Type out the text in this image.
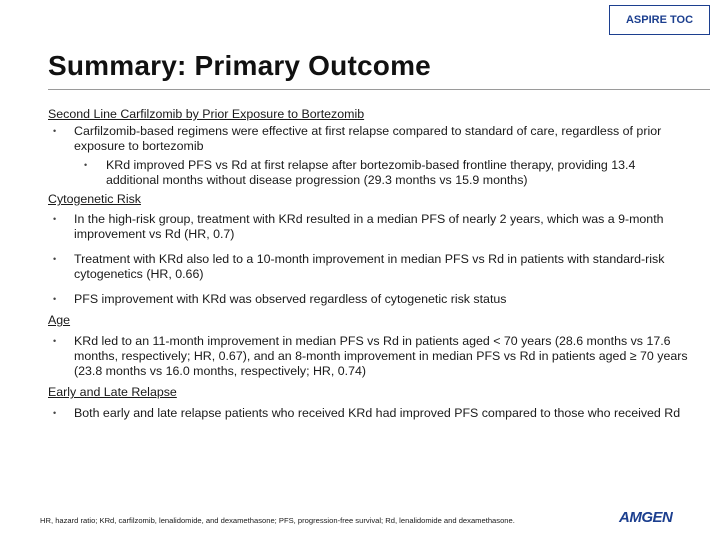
ASPIRE TOC
Summary: Primary Outcome
Second Line Carfilzomib by Prior Exposure to Bortezomib
• Carfilzomib-based regimens were effective at first relapse compared to standard of care, regardless of prior exposure to bortezomib
• KRd improved PFS vs Rd at first relapse after bortezomib-based frontline therapy, providing 13.4 additional months without disease progression (29.3 months vs 15.9 months)
Cytogenetic Risk
• In the high-risk group, treatment with KRd resulted in a median PFS of nearly 2 years, which was a 9-month improvement vs Rd (HR, 0.7)
• Treatment with KRd also led to a 10-month improvement in median PFS vs Rd in patients with standard-risk cytogenetics (HR, 0.66)
• PFS improvement with KRd was observed regardless of cytogenetic risk status
Age
• KRd led to an 11-month improvement in median PFS vs Rd in patients aged < 70 years (28.6 months vs 17.6 months, respectively; HR, 0.67), and an 8-month improvement in median PFS vs Rd in patients aged ≥ 70 years (23.8 months vs 16.0 months, respectively; HR, 0.74)
Early and Late Relapse
• Both early and late relapse patients who received KRd had improved PFS compared to those who received Rd
HR, hazard ratio; KRd, carfilzomib, lenalidomide, and dexamethasone; PFS, progression-free survival; Rd, lenalidomide and dexamethasone.	AMGEN
